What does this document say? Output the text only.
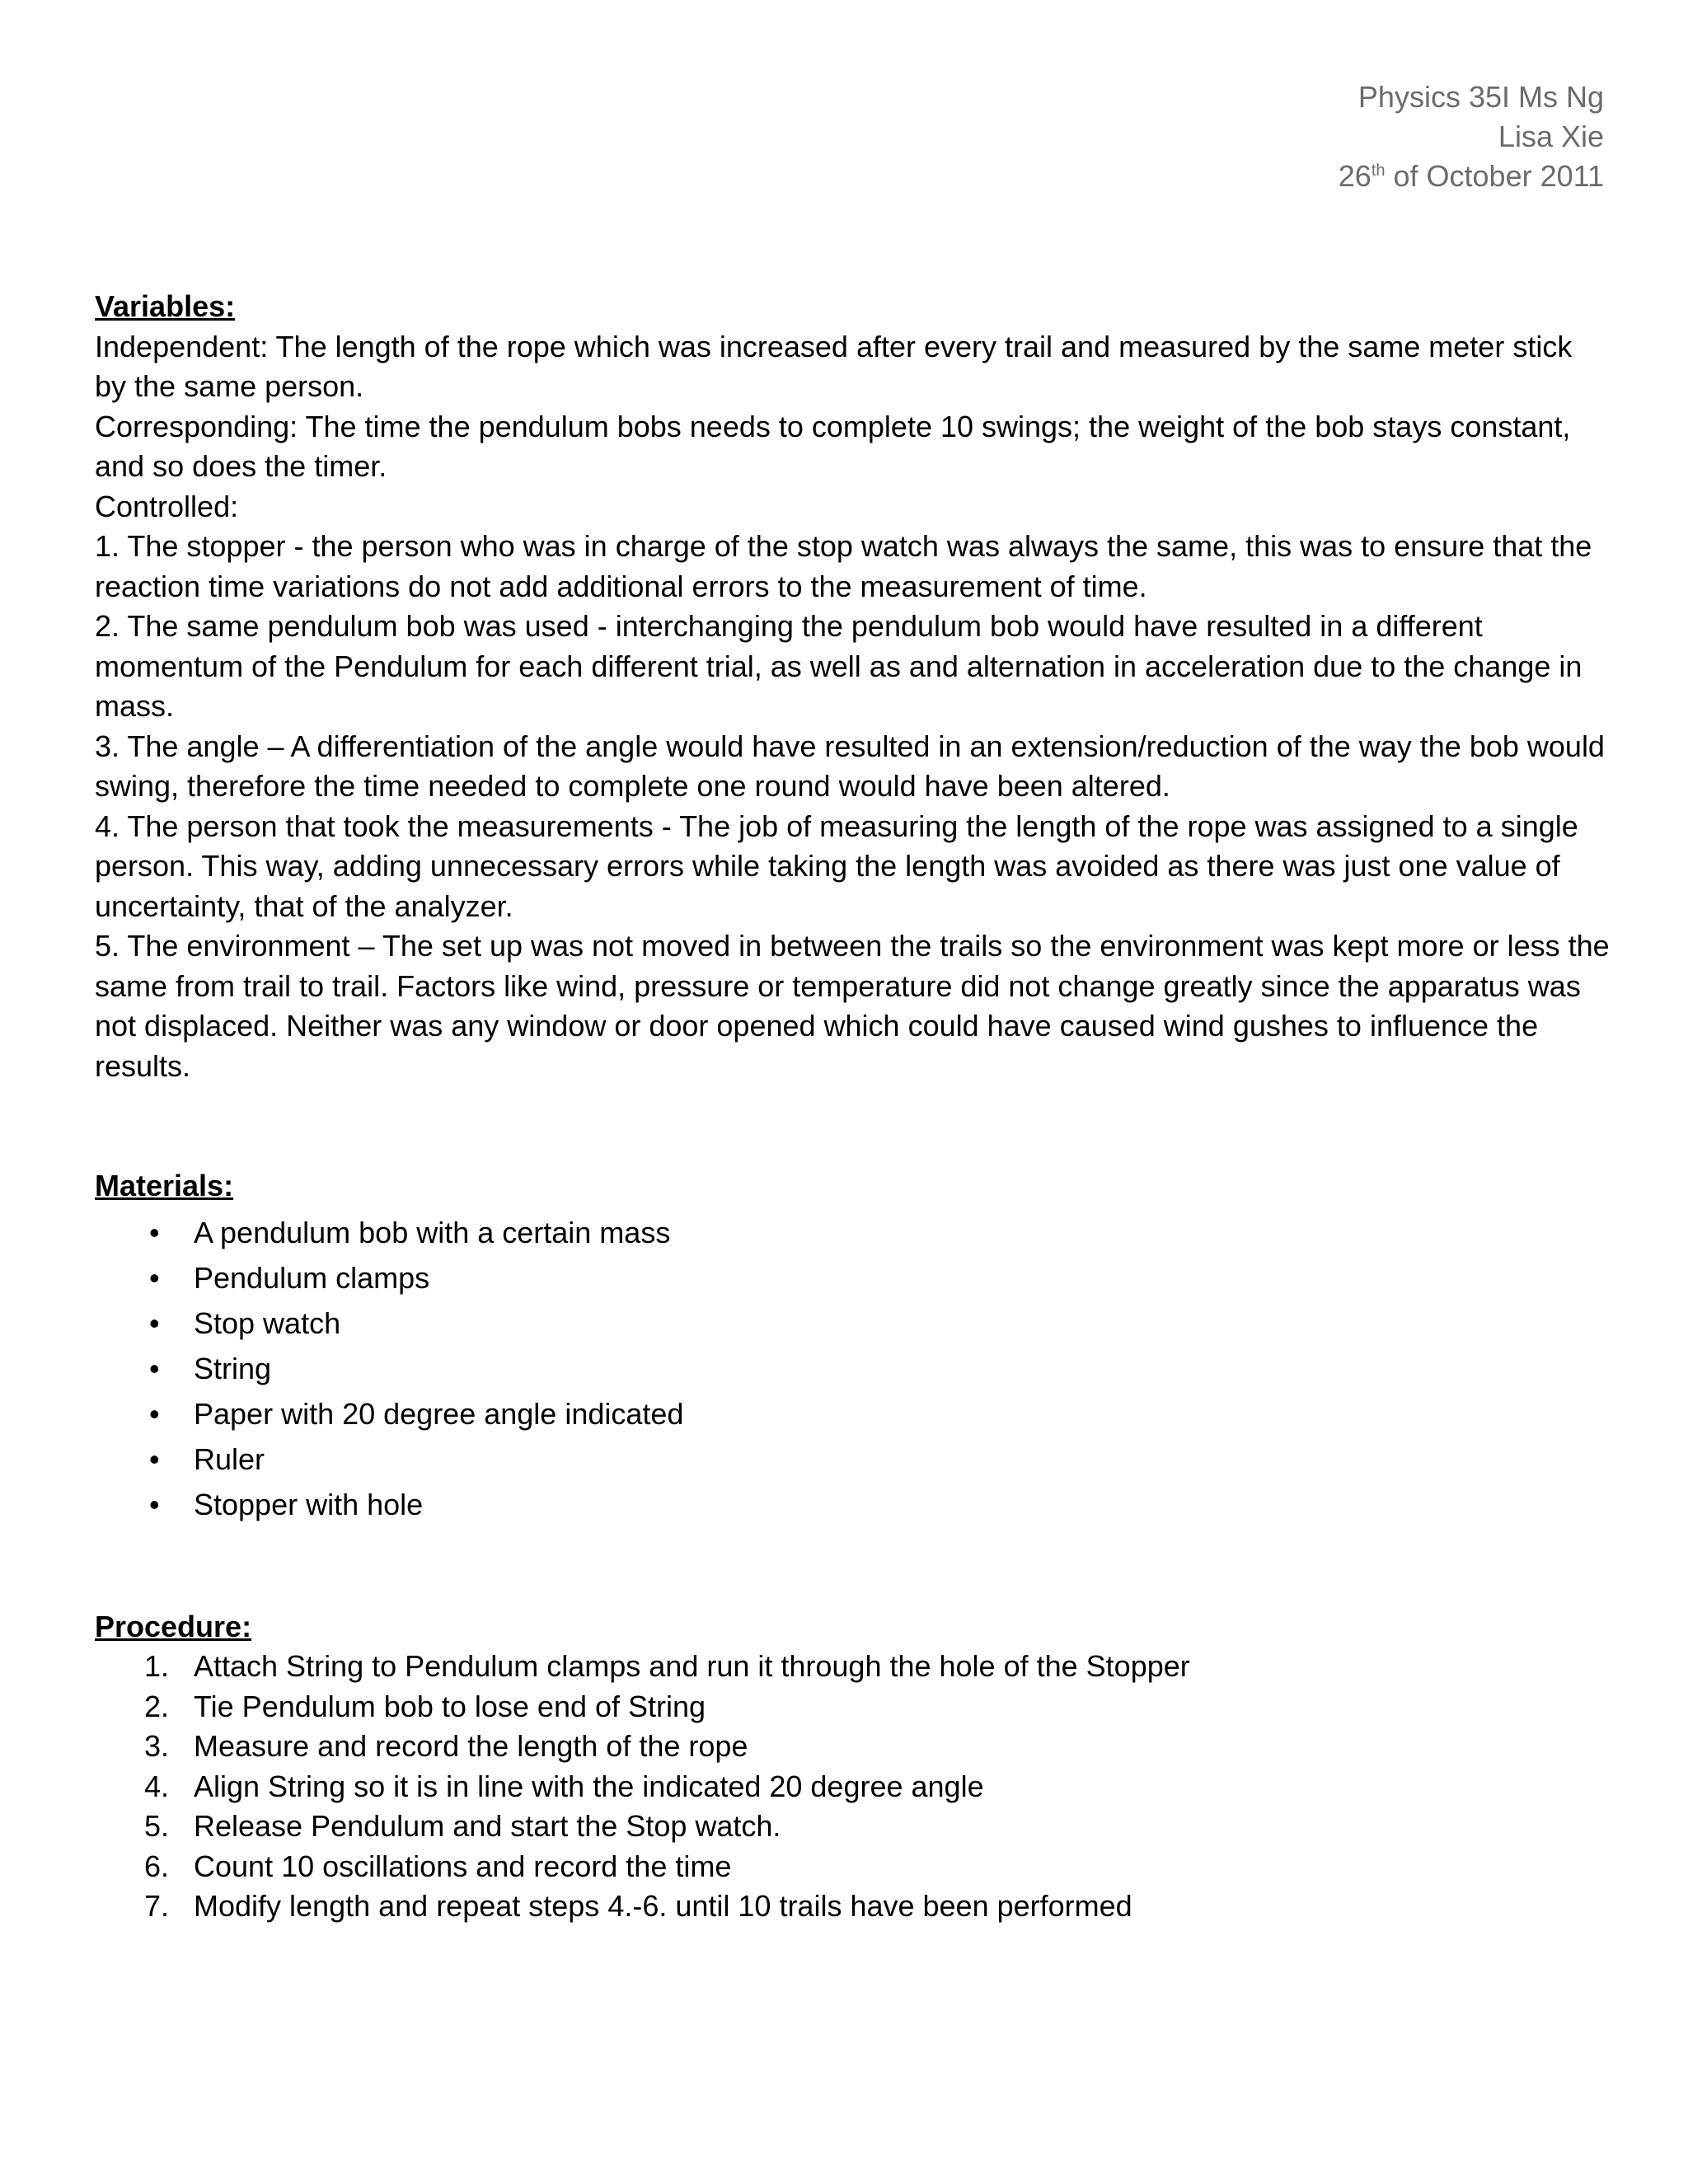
Physics 35I Ms Ng
Lisa Xie
26th of October 2011

Variables:

Independent: The length of the rope which was increased after every trail and measured by the same meter stick by the same person.

Corresponding: The time the pendulum bobs needs to complete 10 swings; the weight of the bob stays constant, and so does the timer.

Controlled:

1. The stopper - the person who was in charge of the stop watch was always the same, this was to ensure that the reaction time variations do not add additional errors to the measurement of time.

2. The same pendulum bob was used - interchanging the pendulum bob would have resulted in a different momentum of the Pendulum for each different trial, as well as and alternation in acceleration due to the change in mass.

3. The angle – A differentiation of the angle would have resulted in an extension/reduction of the way the bob would swing, therefore the time needed to complete one round would have been altered.

4. The person that took the measurements - The job of measuring the length of the rope was assigned to a single person. This way, adding unnecessary errors while taking the length was avoided as there was just one value of uncertainty, that of the analyzer.

5. The environment – The set up was not moved in between the trails so the environment was kept more or less the same from trail to trail. Factors like wind, pressure or temperature did not change greatly since the apparatus was not displaced. Neither was any window or door opened which could have caused wind gushes to influence the results.

Materials:

• A pendulum bob with a certain mass
• Pendulum clamps
• Stop watch
• String
• Paper with 20 degree angle indicated
• Ruler
• Stopper with hole

Procedure:

1. Attach String to Pendulum clamps and run it through the hole of the Stopper
2. Tie Pendulum bob to lose end of String
3. Measure and record the length of the rope
4. Align String so it is in line with the indicated 20 degree angle
5. Release Pendulum and start the Stop watch.
6. Count 10 oscillations and record the time
7. Modify length and repeat steps 4.-6. until 10 trails have been performed
